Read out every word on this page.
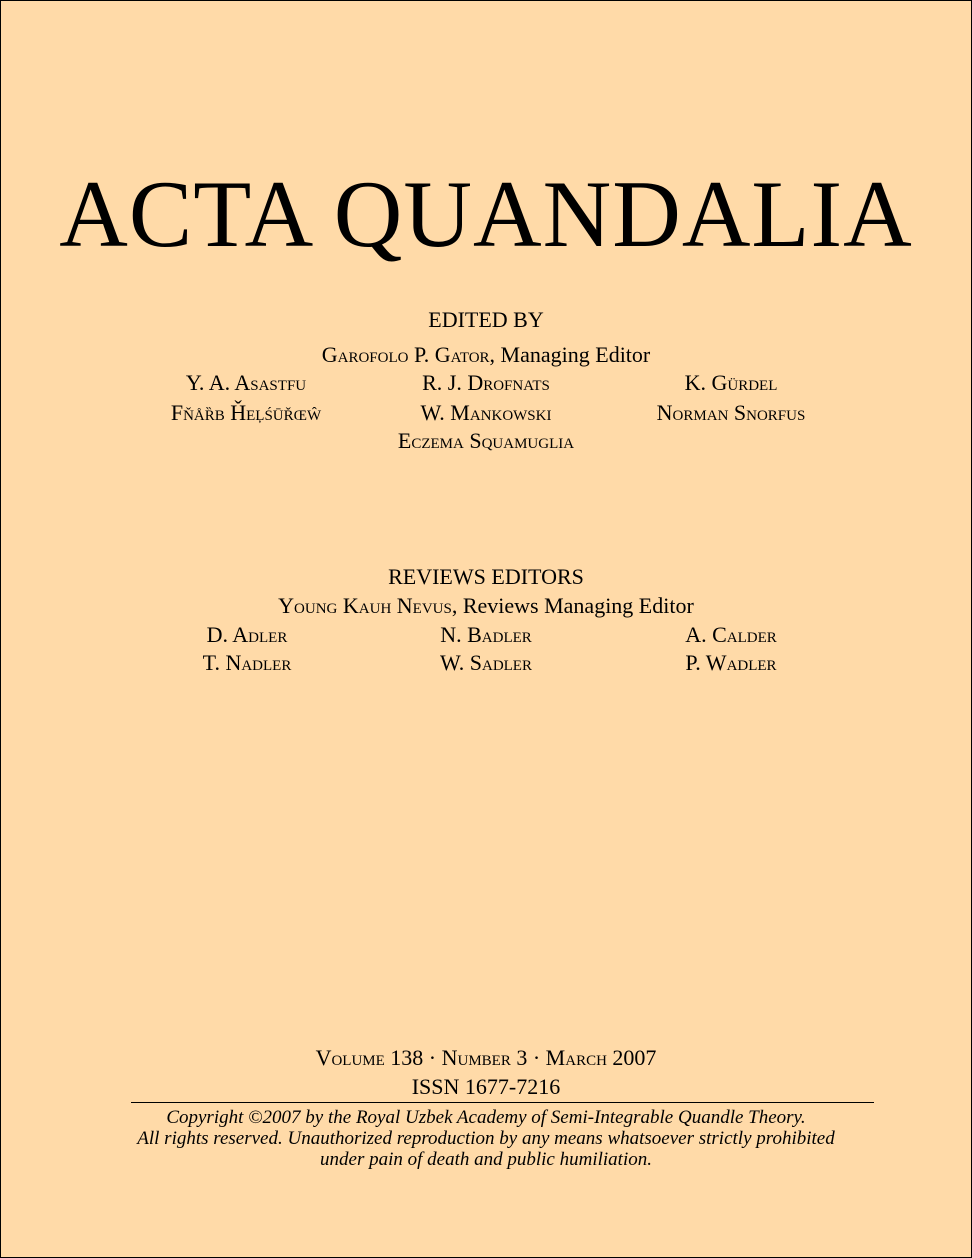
ACTA QUANDALIA
EDITED BY
Garofolo P. Gator, Managing Editor
Y. A. Asastfu	R. J. Drofnats	K. Gürdel
Fňåȑb Ȟeļśūřœŵ	W. Mankowski	Norman Snorfus
Eczema Squamuglia
REVIEWS EDITORS
Young Kauh Nevus, Reviews Managing Editor
D. Adler	N. Badler	A. Calder
T. Nadler	W. Sadler	P. Wadler
Volume 138 · Number 3 · March 2007
ISSN 1677-7216
Copyright ©2007 by the Royal Uzbek Academy of Semi-Integrable Quandle Theory.
All rights reserved. Unauthorized reproduction by any means whatsoever strictly prohibited
under pain of death and public humiliation.
